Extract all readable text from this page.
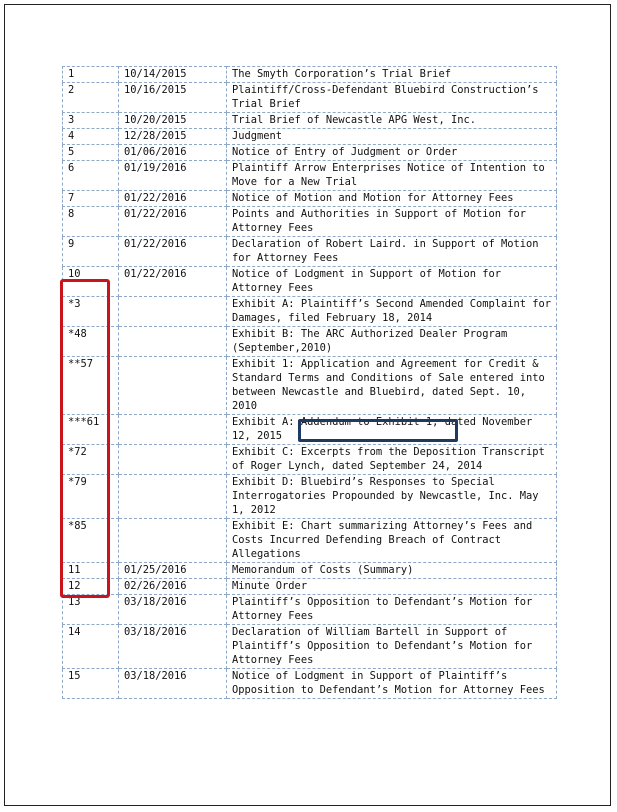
1	10/14/2015	The Smyth Corporation’s Trial Brief
2	10/16/2015	Plaintiff/Cross-Defendant Bluebird Construction’s Trial Brief
3	10/20/2015	Trial Brief of Newcastle APG West, Inc.
4	12/28/2015	Judgment
5	01/06/2016	Notice of Entry of Judgment or Order
6	01/19/2016	Plaintiff Arrow Enterprises Notice of Intention to Move for a New Trial
7	01/22/2016	Notice of Motion and Motion for Attorney Fees
8	01/22/2016	Points and Authorities in Support of Motion for Attorney Fees
9	01/22/2016	Declaration of Robert Laird. in Support of Motion for Attorney Fees
10	01/22/2016	Notice of Lodgment in Support of Motion for Attorney Fees
*3		Exhibit A: Plaintiff’s Second Amended Complaint for Damages, filed February 18, 2014
*48		Exhibit B: The ARC Authorized Dealer Program (September,2010)
**57		Exhibit 1: Application and Agreement for Credit & Standard Terms and Conditions of Sale entered into between Newcastle and Bluebird, dated Sept. 10, 2010
***61		Exhibit A: Addendum to Exhibit 1, dated November 12, 2015
*72		Exhibit C: Excerpts from the Deposition Transcript of Roger Lynch, dated September 24, 2014
*79		Exhibit D: Bluebird’s Responses to Special Interrogatories Propounded by Newcastle, Inc. May 1, 2012
*85		Exhibit E: Chart summarizing Attorney’s Fees and Costs Incurred Defending Breach of Contract Allegations
11	01/25/2016	Memorandum of Costs (Summary)
12	02/26/2016	Minute Order
13	03/18/2016	Plaintiff’s Opposition to Defendant’s Motion for Attorney Fees
14	03/18/2016	Declaration of William Bartell in Support of Plaintiff’s Opposition to Defendant’s Motion for Attorney Fees
15	03/18/2016	Notice of Lodgment in Support of Plaintiff’s Opposition to Defendant’s Motion for Attorney Fees
